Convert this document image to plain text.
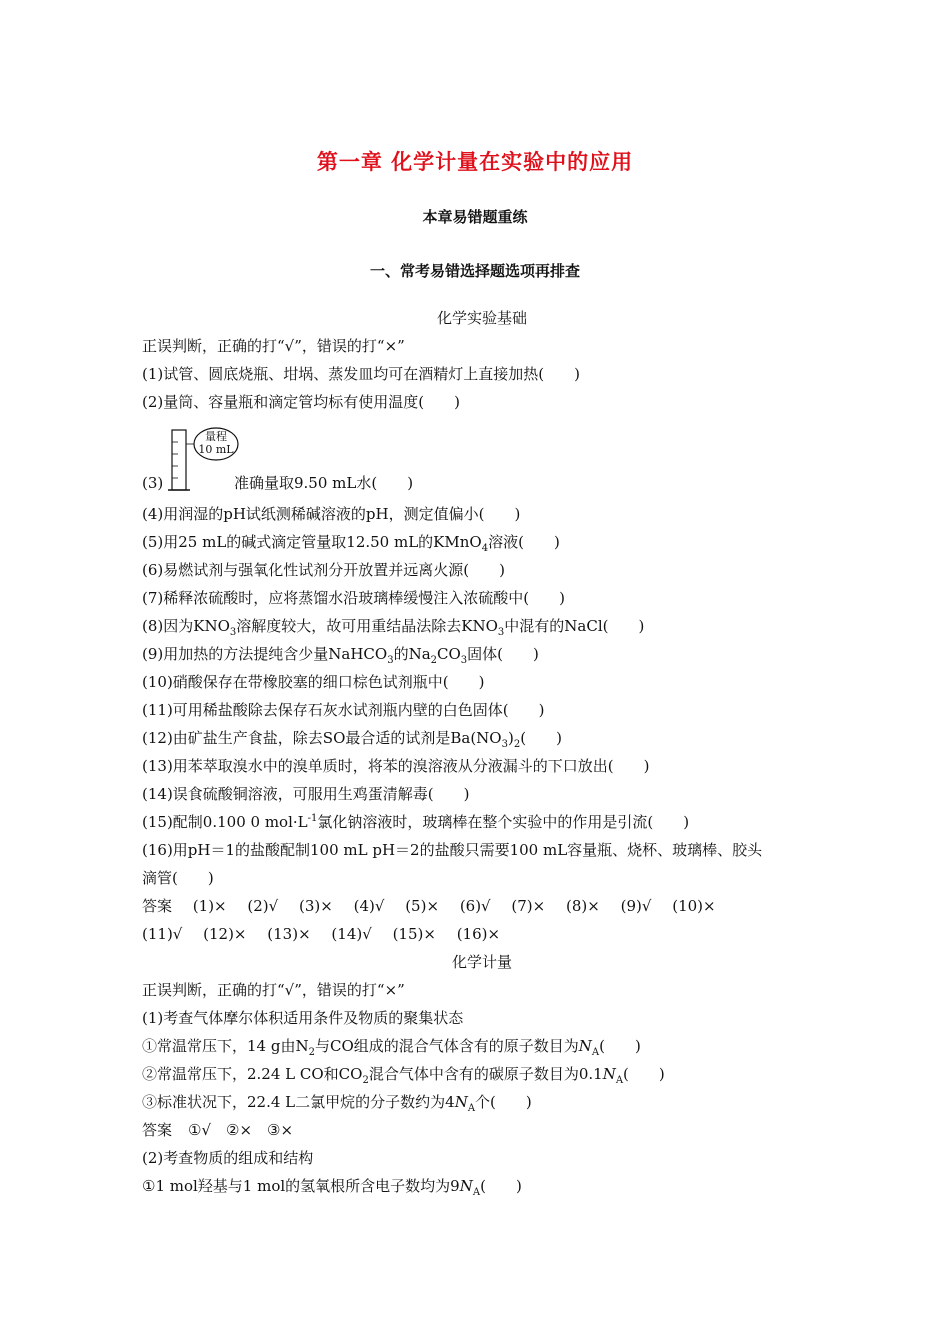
第一章 化学计量在实验中的应用
本章易错题重练
一、常考易错选择题选项再排查
化学实验基础
正误判断，正确的打“√”，错误的打“×”
(1)试管、圆底烧瓶、坩埚、蒸发皿均可在酒精灯上直接加热(　　)
(2)量筒、容量瓶和滴定管均标有使用温度(　　)
(3)
量程
10 mL
准确量取9.50 mL水(　　)
(4)用润湿的pH试纸测稀碱溶液的pH，测定值偏小(　　)
(5)用25 mL的碱式滴定管量取12.50 mL的KMnO$_4$溶液(　　)
(6)易燃试剂与强氧化性试剂分开放置并远离火源(　　)
(7)稀释浓硫酸时，应将蒸馏水沿玻璃棒缓慢注入浓硫酸中(　　)
(8)因为$KNO_3$溶解度较大，故可用重结晶法除去$KNO_3$中混有的NaCl(　　)
(9)用加热的方法提纯含少量NaHCO$_3$的$Na_2CO_3$固体(　　)
(10)硝酸保存在带橡胶塞的细口棕色试剂瓶中(　　)
(11)可用稀盐酸除去保存石灰水试剂瓶内壁的白色固体(　　)
(12)由矿盐生产食盐，除去SO最合适的试剂是$Ba(NO_3)_2$(　　)
(13)用苯萃取溴水中的溴单质时，将苯的溴溶液从分液漏斗的下口放出(　　)
(14)误食硫酸铜溶液，可服用生鸡蛋清解毒(　　)
(15)配制0.100 0 $mol\cdot L^{-1}$氯化钠溶液时，玻璃棒在整个实验中的作用是引流(　　)
(16)用pH＝1的盐酸配制100 mL pH＝2的盐酸只需要100 mL容量瓶、烧杯、玻璃棒、胶头
滴管(　　)
答案 (1)× (2)√ (3)× (4)√ (5)× (6)√ (7)× (8)× (9)√ (10)×
(11)√ (12)× (13)× (14)√ (15)× (16)×
化学计量
正误判断，正确的打“√”，错误的打“×”
(1)考查气体摩尔体积适用条件及物质的聚集状态
①常温常压下，14 g由$N_2$与CO组成的混合气体含有的原子数目为$N_A$(　　)
②常温常压下，2.24 L CO和$CO_2$混合气体中含有的碳原子数目为$0.1N_A$(　　)
③标准状况下，22.4 L二氯甲烷的分子数约为$4N_A$个(　　)
答案 ①√　②×　③×
(2)考查物质的组成和结构
①1 mol羟基与1 mol的氢氧根所含电子数均为$9N_A$(　　)
